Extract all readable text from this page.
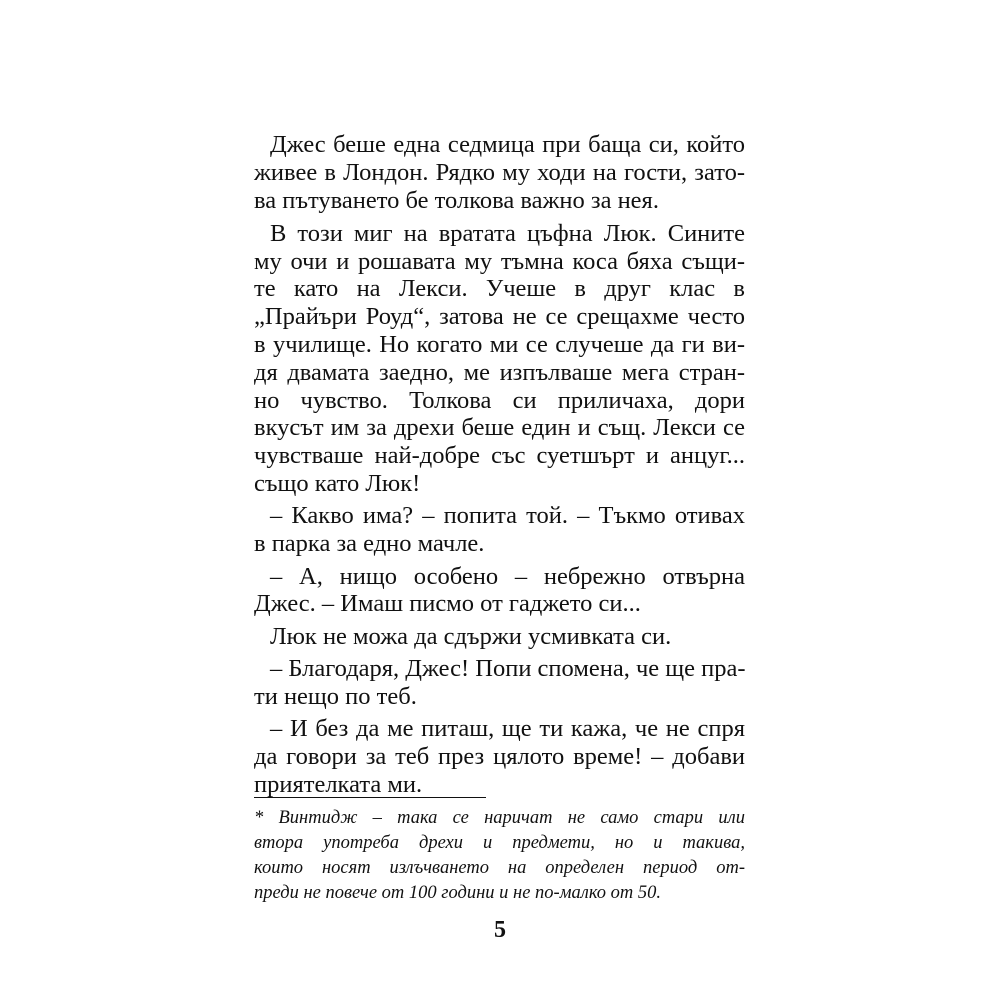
Джес беше една седмица при баща си, който
живее в Лондон. Рядко му ходи на гости, зато-
ва пътуването бе толкова важно за нея.
В този миг на вратата цъфна Люк. Сините
му очи и рошавата му тъмна коса бяха същи-
те като на Лекси. Учеше в друг клас в
„Прайъри Роуд“, затова не се срещахме често
в училище. Но когато ми се случеше да ги ви-
дя двамата заедно, ме изпълваше мега стран-
но чувство. Толкова си приличаха, дори
вкусът им за дрехи беше един и същ. Лекси се
чувстваше най-добре със суетшърт и анцуг...
също като Люк!
– Какво има? – попита той. – Тъкмо отивах
в парка за едно мачле.
– А, нищо особено – небрежно отвърна
Джес. – Имаш писмо от гаджето си...
Люк не можа да сдържи усмивката си.
– Благодаря, Джес! Попи спомена, че ще пра-
ти нещо по теб.
– И без да ме питаш, ще ти кажа, че не спря
да говори за теб през цялото време! – добави
приятелката ми.
* Винтидж – така се наричат не само стари или
втора употреба дрехи и предмети, но и такива,
които носят излъчването на определен период от-
преди не повече от 100 години и не по-малко от 50.
5
